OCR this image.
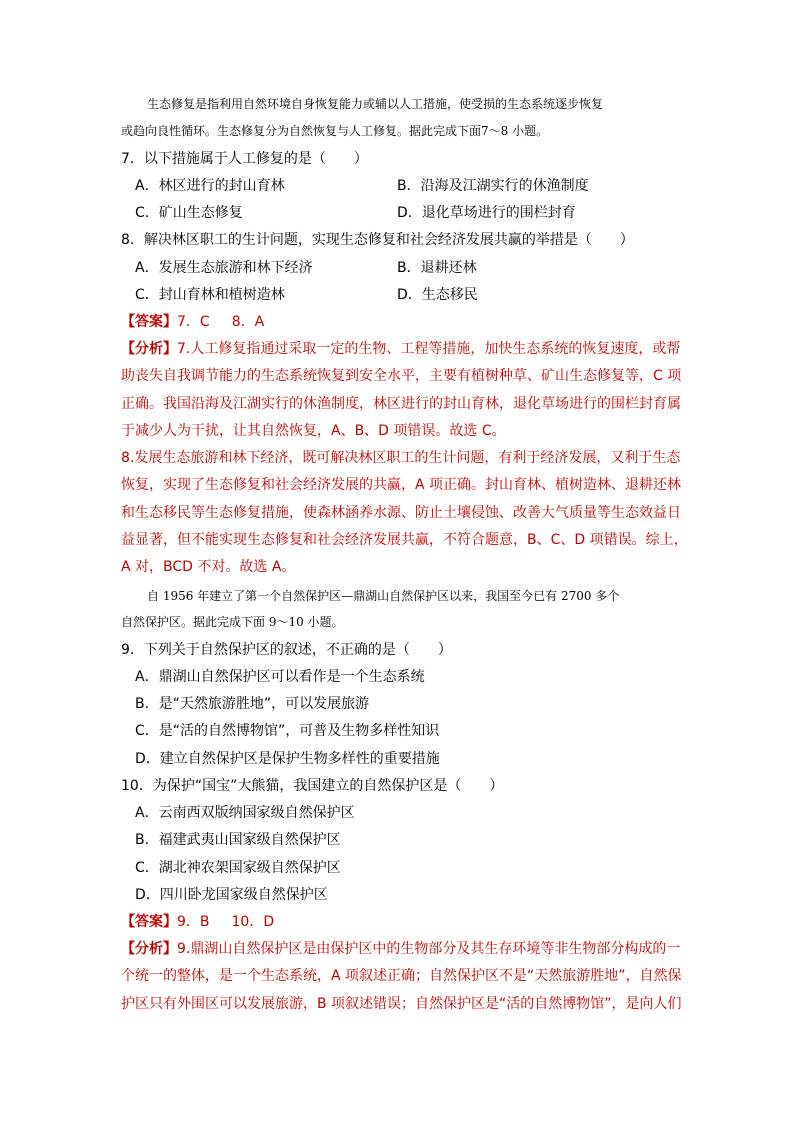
生态修复是指利用自然环境自身恢复能力或辅以人工措施，使受损的生态系统逐步恢复
或趋向良性循环。生态修复分为自然恢复与人工修复。据此完成下面7～8 小题。
7．以下措施属于人工修复的是（　　）
A．林区进行的封山育林	B．沿海及江湖实行的休渔制度
C．矿山生态修复	D．退化草场进行的围栏封育
8．解决林区职工的生计问题，实现生态修复和社会经济发展共赢的举措是（　　）
A．发展生态旅游和林下经济	B．退耕还林
C．封山育林和植树造林	D．生态移民
【答案】7．C 8．A
【分析】7.人工修复指通过采取一定的生物、工程等措施，加快生态系统的恢复速度，或帮
助丧失自我调节能力的生态系统恢复到安全水平，主要有植树种草、矿山生态修复等，C 项
正确。我国沿海及江湖实行的休渔制度，林区进行的封山育林，退化草场进行的围栏封育属
于减少人为干扰，让其自然恢复，A、B、D 项错误。故选 C。
8.发展生态旅游和林下经济，既可解决林区职工的生计问题，有利于经济发展，又利于生态
恢复，实现了生态修复和社会经济发展的共赢，A 项正确。封山育林、植树造林、退耕还林
和生态移民等生态修复措施，使森林涵养水源、防止土壤侵蚀、改善大气质量等生态效益日
益显著，但不能实现生态修复和社会经济发展共赢，不符合题意，B、C、D 项错误。综上，
A 对，BCD 不对。故选 A。
自 1956 年建立了第一个自然保护区—鼎湖山自然保护区以来，我国至今已有 2700 多个
自然保护区。据此完成下面 9～10 小题。
9．下列关于自然保护区的叙述，不正确的是（　　）
A．鼎湖山自然保护区可以看作是一个生态系统
B．是“天然旅游胜地”，可以发展旅游
C．是“活的自然博物馆”，可普及生物多样性知识
D．建立自然保护区是保护生物多样性的重要措施
10．为保护“国宝”大熊猫，我国建立的自然保护区是（　　）
A．云南西双版纳国家级自然保护区
B．福建武夷山国家级自然保护区
C．湖北神农架国家级自然保护区
D．四川卧龙国家级自然保护区
【答案】9．B 10．D
【分析】9.鼎湖山自然保护区是由保护区中的生物部分及其生存环境等非生物部分构成的一
个统一的整体，是一个生态系统，A 项叙述正确；自然保护区不是“天然旅游胜地”，自然保
护区只有外围区可以发展旅游，B 项叙述错误；自然保护区是“活的自然博物馆”，是向人们
